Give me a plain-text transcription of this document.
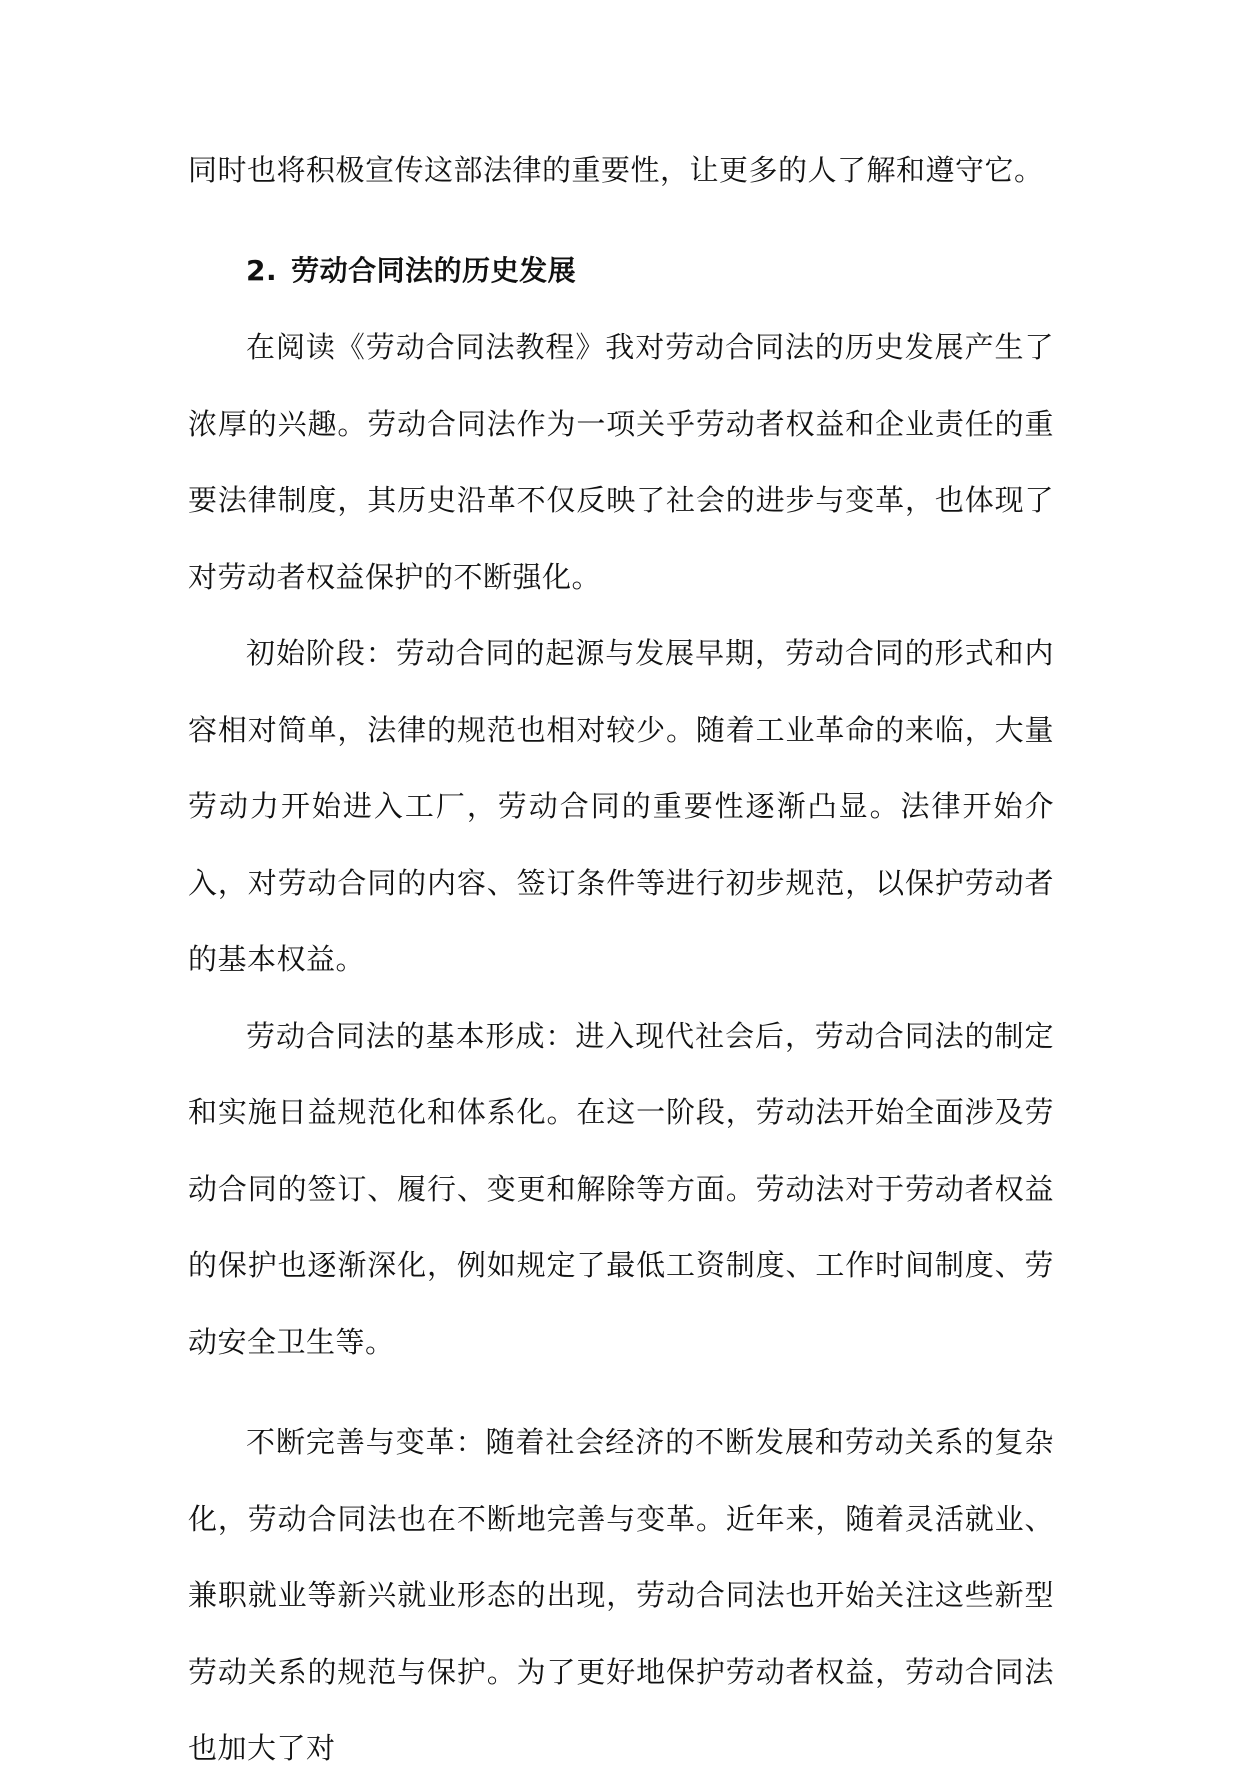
同时也将积极宣传这部法律的重要性，让更多的人了解和遵守它。

2. 劳动合同法的历史发展

在阅读《劳动合同法教程》我对劳动合同法的历史发展产生了浓厚的兴趣。劳动合同法作为一项关乎劳动者权益和企业责任的重要法律制度，其历史沿革不仅反映了社会的进步与变革，也体现了对劳动者权益保护的不断强化。

初始阶段：劳动合同的起源与发展早期，劳动合同的形式和内容相对简单，法律的规范也相对较少。随着工业革命的来临，大量劳动力开始进入工厂，劳动合同的重要性逐渐凸显。法律开始介入，对劳动合同的内容、签订条件等进行初步规范，以保护劳动者的基本权益。

劳动合同法的基本形成：进入现代社会后，劳动合同法的制定和实施日益规范化和体系化。在这一阶段，劳动法开始全面涉及劳动合同的签订、履行、变更和解除等方面。劳动法对于劳动者权益的保护也逐渐深化，例如规定了最低工资制度、工作时间制度、劳动安全卫生等。

不断完善与变革：随着社会经济的不断发展和劳动关系的复杂化，劳动合同法也在不断地完善与变革。近年来，随着灵活就业、兼职就业等新兴就业形态的出现，劳动合同法也开始关注这些新型劳动关系的规范与保护。为了更好地保护劳动者权益，劳动合同法也加大了对
